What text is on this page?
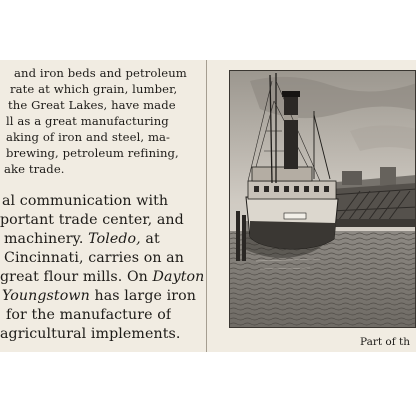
and iron beds and petroleum
rate at which grain, lumber,
the Great Lakes, have made
ll as a great manufacturing
aking of iron and steel, ma-
brewing, petroleum refining,
ake trade.
al communication with
portant trade center, and
machinery. Toledo, at
Cincinnati, carries on an
great flour mills. On Dayton
Youngstown has large iron
for the manufacture of
agricultural implements.	Part of th
